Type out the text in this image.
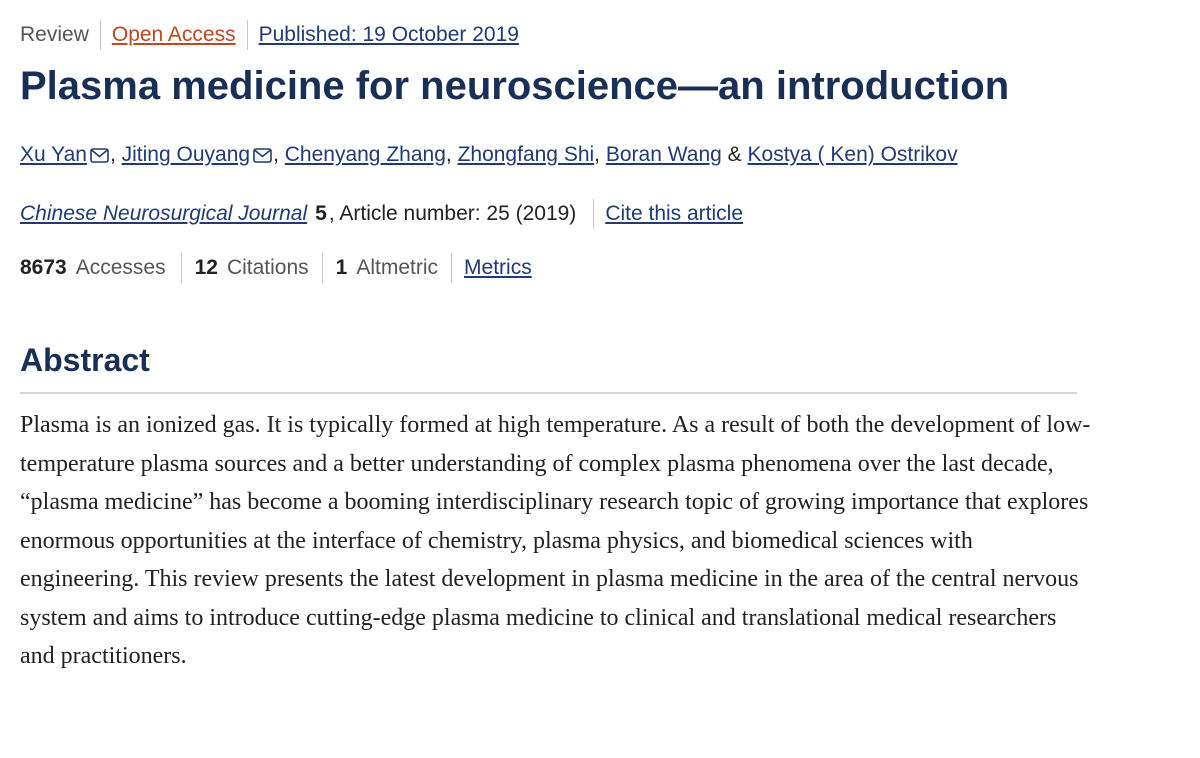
Review Open Access Published: 19 October 2019
Plasma medicine for neuroscience—an introduction
Xu Yan , Jiting Ouyang , Chenyang Zhang, Zhongfang Shi, Boran Wang & Kostya ( Ken) Ostrikov
Chinese Neurosurgical Journal 5 , Article number: 25 (2019) Cite this article
8673 Accesses 12 Citations 1 Altmetric Metrics
Abstract

Plasma is an ionized gas. It is typically formed at high temperature. As a result of both the development of low-temperature plasma sources and a better understanding of complex plasma phenomena over the last decade, “plasma medicine” has become a booming interdisciplinary research topic of growing importance that explores enormous opportunities at the interface of chemistry, plasma physics, and biomedical sciences with engineering. This review presents the latest development in plasma medicine in the area of the central nervous system and aims to introduce cutting-edge plasma medicine to clinical and translational medical researchers and practitioners.
